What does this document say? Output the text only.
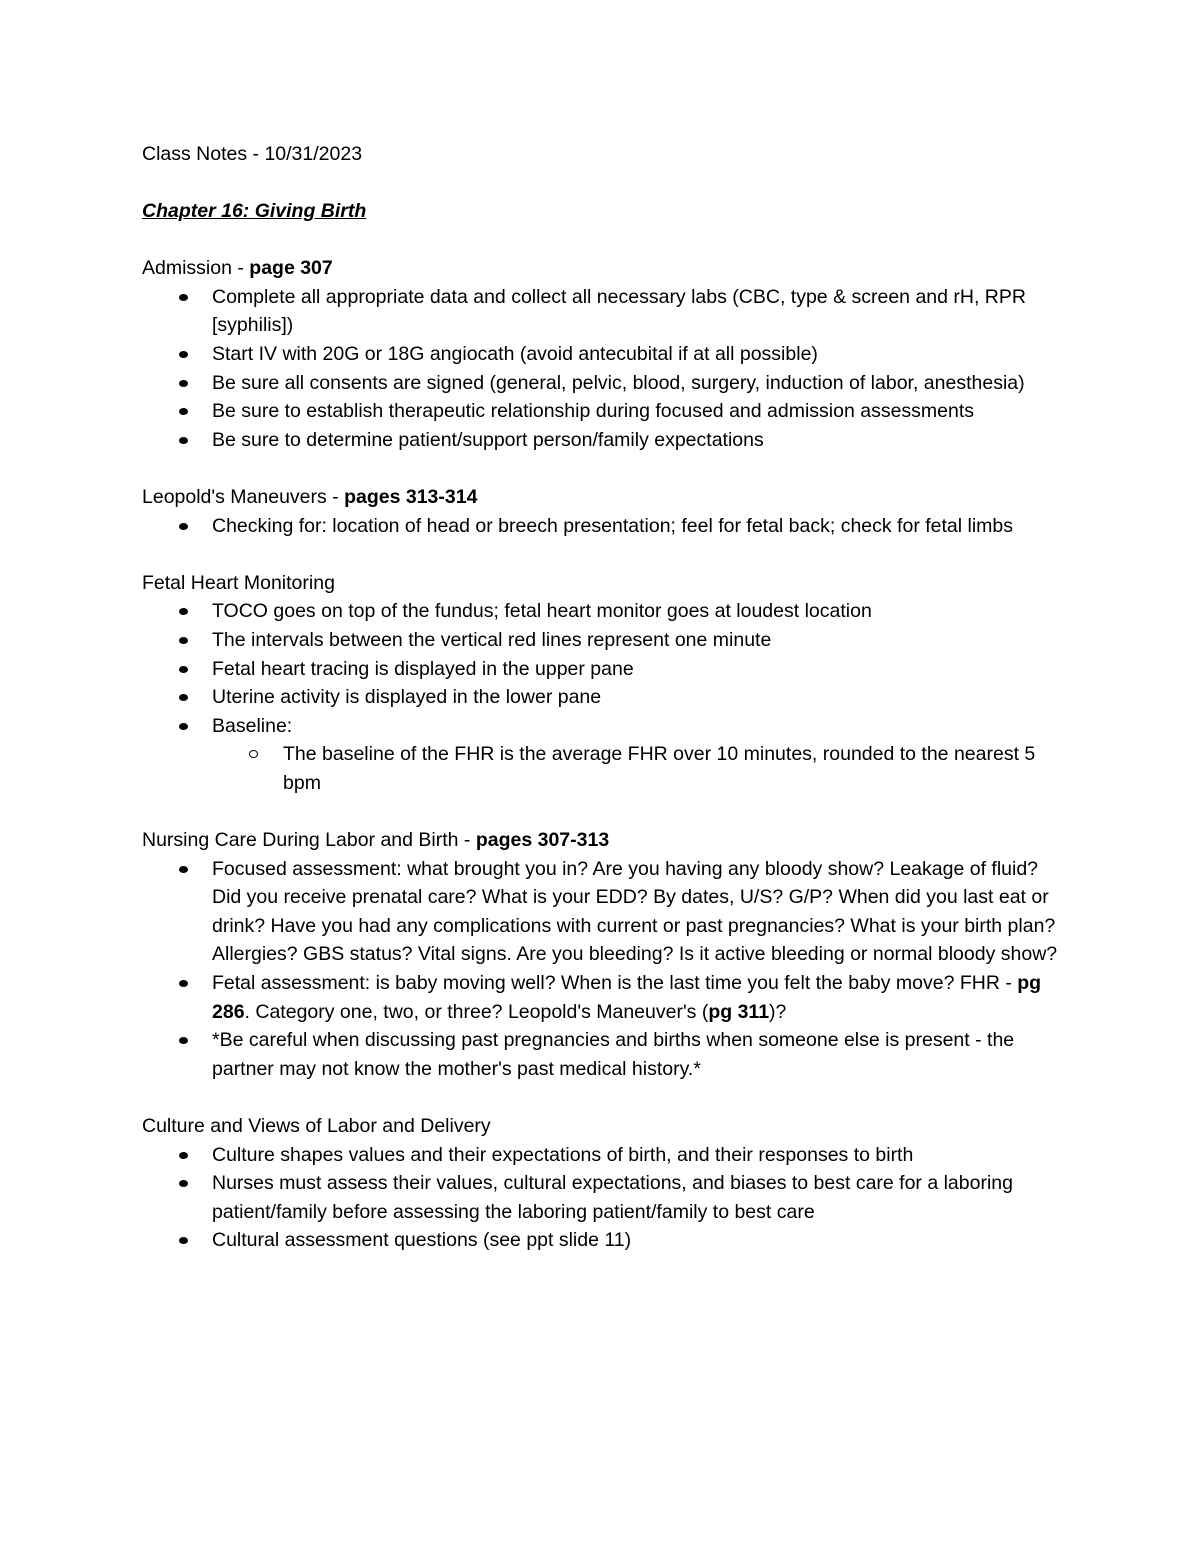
Class Notes - 10/31/2023
Chapter 16: Giving Birth
Admission - page 307
Complete all appropriate data and collect all necessary labs (CBC, type & screen and rH, RPR [syphilis])
Start IV with 20G or 18G angiocath (avoid antecubital if at all possible)
Be sure all consents are signed (general, pelvic, blood, surgery, induction of labor, anesthesia)
Be sure to establish therapeutic relationship during focused and admission assessments
Be sure to determine patient/support person/family expectations
Leopold's Maneuvers - pages 313-314
Checking for: location of head or breech presentation; feel for fetal back; check for fetal limbs
Fetal Heart Monitoring
TOCO goes on top of the fundus; fetal heart monitor goes at loudest location
The intervals between the vertical red lines represent one minute
Fetal heart tracing is displayed in the upper pane
Uterine activity is displayed in the lower pane
Baseline:
The baseline of the FHR is the average FHR over 10 minutes, rounded to the nearest 5 bpm
Nursing Care During Labor and Birth - pages 307-313
Focused assessment: what brought you in? Are you having any bloody show? Leakage of fluid? Did you receive prenatal care? What is your EDD? By dates, U/S? G/P? When did you last eat or drink? Have you had any complications with current or past pregnancies? What is your birth plan? Allergies? GBS status? Vital signs. Are you bleeding? Is it active bleeding or normal bloody show?
Fetal assessment: is baby moving well? When is the last time you felt the baby move? FHR - pg 286. Category one, two, or three? Leopold's Maneuver's (pg 311)?
*Be careful when discussing past pregnancies and births when someone else is present - the partner may not know the mother's past medical history.*
Culture and Views of Labor and Delivery
Culture shapes values and their expectations of birth, and their responses to birth
Nurses must assess their values, cultural expectations, and biases to best care for a laboring patient/family before assessing the laboring patient/family to best care
Cultural assessment questions (see ppt slide 11)
